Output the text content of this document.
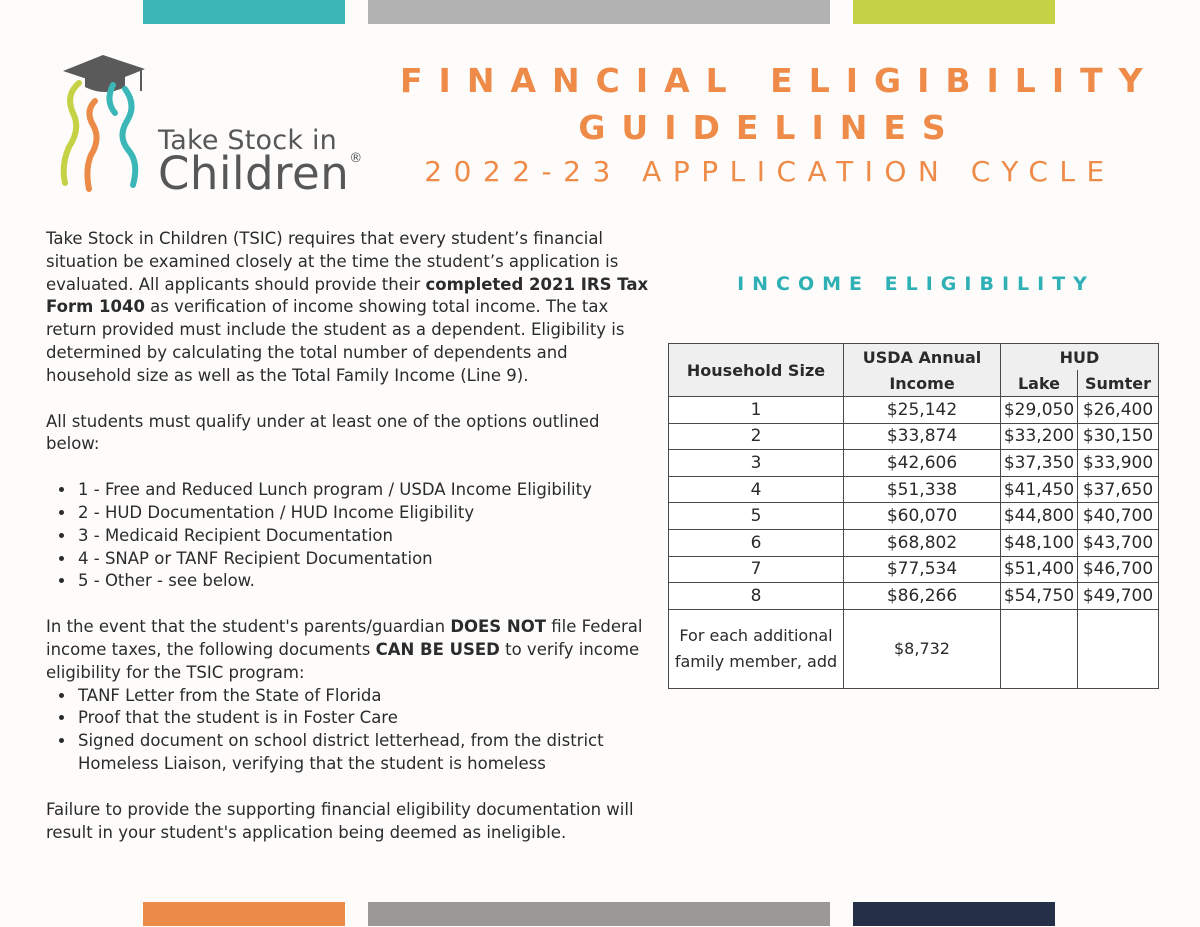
Take Stock in
Children®
FINANCIAL ELIGIBILITY
GUIDELINES
2022-23 APPLICATION CYCLE

Take Stock in Children (TSIC) requires that every student’s financial situation be examined closely at the time the student’s application is evaluated. All applicants should provide their completed 2021 IRS Tax Form 1040 as verification of income showing total income. The tax return provided must include the student as a dependent. Eligibility is determined by calculating the total number of dependents and household size as well as the Total Family Income (Line 9).

All students must qualify under at least one of the options outlined below:

• 1 - Free and Reduced Lunch program / USDA Income Eligibility
• 2 - HUD Documentation / HUD Income Eligibility
• 3 - Medicaid Recipient Documentation
• 4 - SNAP or TANF Recipient Documentation
• 5 - Other - see below.

In the event that the student's parents/guardian DOES NOT file Federal income taxes, the following documents CAN BE USED to verify income eligibility for the TSIC program:

• TANF Letter from the State of Florida
• Proof that the student is in Foster Care
• Signed document on school district letterhead, from the district Homeless Liaison, verifying that the student is homeless

Failure to provide the supporting financial eligibility documentation will result in your student's application being deemed as ineligible.

INCOME ELIGIBILITY
Household Size	USDA Annual	HUD	
	Income	Lake	Sumter
1	$25,142	$29,050	$26,400
2	$33,874	$33,200	$30,150
3	$42,606	$37,350	$33,900
4	$51,338	$41,450	$37,650
5	$60,070	$44,800	$40,700
6	$68,802	$48,100	$43,700
7	$77,534	$51,400	$46,700
8	$86,266	$54,750	$49,700
For each additional
family member, add	$8,732		
